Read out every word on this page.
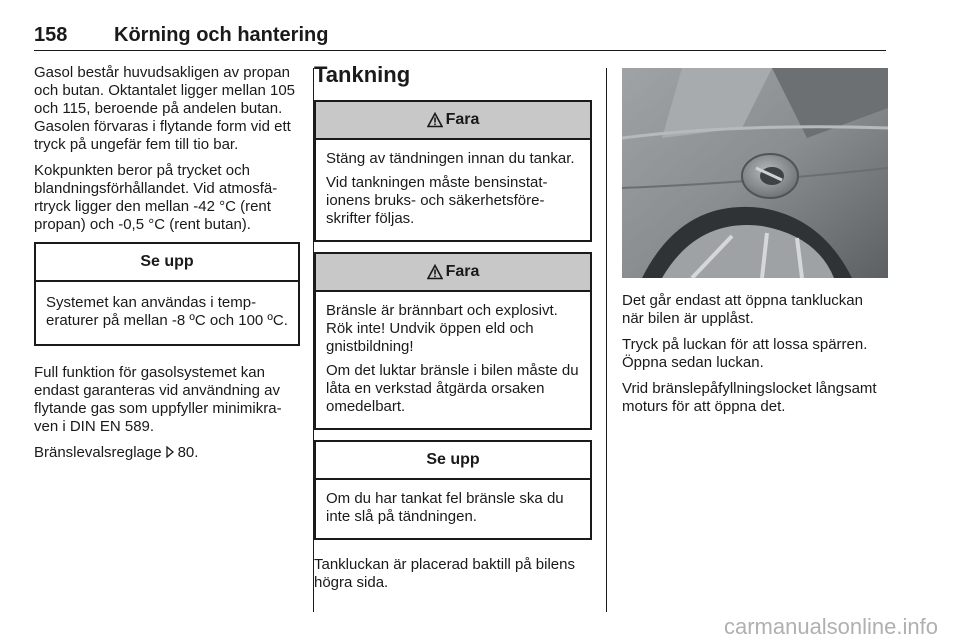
158 Körning och hantering

Gasol består huvudsakligen av propan och butan. Oktantalet ligger mellan 105 och 115, beroende på andelen butan. Gasolen förvaras i flytande form vid ett tryck på ungefär fem till tio bar.

Kokpunkten beror på trycket och blandningsförhållandet. Vid atmosfärtryck ligger den mellan -42 °C (rent propan) och -0,5 °C (rent butan).

Se upp

Systemet kan användas i temperaturer på mellan -8 ºC och 100 ºC.

Full funktion för gasolsystemet kan endast garanteras vid användning av flytande gas som uppfyller minimikraven i DIN EN 589.

Bränslevalsreglage 80.

Tankning
Fara

Stäng av tändningen innan du tankar.

Vid tankningen måste bensinstationens bruks- och säkerhetsföreskrifter följas.

Fara

Bränsle är brännbart och explosivt. Rök inte! Undvik öppen eld och gnistbildning!

Om det luktar bränsle i bilen måste du låta en verkstad åtgärda orsaken omedelbart.

Se upp

Om du har tankat fel bränsle ska du inte slå på tändningen.

Tankluckan är placerad baktill på bilens högra sida.

Det går endast att öppna tankluckan när bilen är upplåst.

Tryck på luckan för att lossa spärren. Öppna sedan luckan.

Vrid bränslepåfyllningslocket långsamt moturs för att öppna det.

carmanualsonline.info
